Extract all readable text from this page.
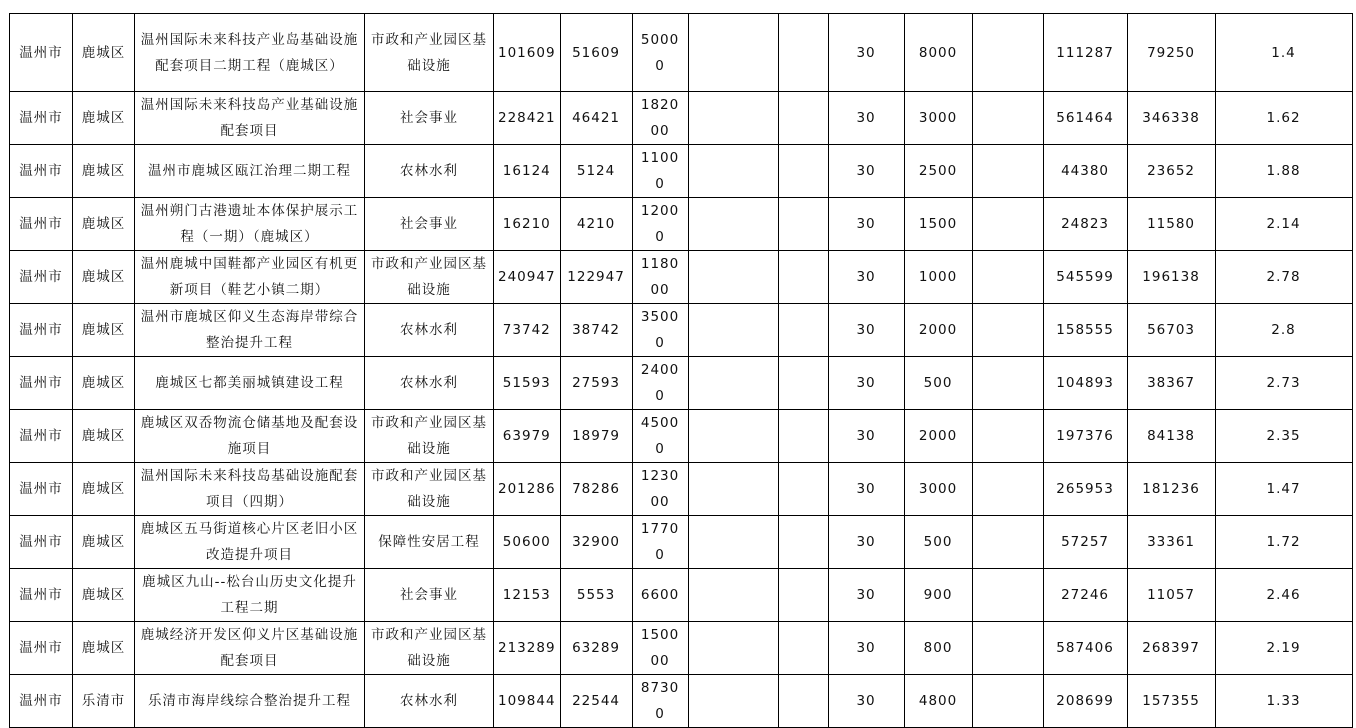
温州市	鹿城区	温州国际未来科技产业岛基础设施配套项目二期工程（鹿城区）	市政和产业园区基础设施	101609	51609	50000			30	8000		111287	79250	1.4
温州市	鹿城区	温州国际未来科技岛产业基础设施配套项目	社会事业	228421	46421	182000			30	3000		561464	346338	1.62
温州市	鹿城区	温州市鹿城区瓯江治理二期工程	农林水利	16124	5124	11000			30	2500		44380	23652	1.88
温州市	鹿城区	温州朔门古港遗址本体保护展示工程（一期）（鹿城区）	社会事业	16210	4210	12000			30	1500		24823	11580	2.14
温州市	鹿城区	温州鹿城中国鞋都产业园区有机更新项目（鞋艺小镇二期）	市政和产业园区基础设施	240947	122947	118000			30	1000		545599	196138	2.78
温州市	鹿城区	温州市鹿城区仰义生态海岸带综合整治提升工程	农林水利	73742	38742	35000			30	2000		158555	56703	2.8
温州市	鹿城区	鹿城区七都美丽城镇建设工程	农林水利	51593	27593	24000			30	500		104893	38367	2.73
温州市	鹿城区	鹿城区双岙物流仓储基地及配套设施项目	市政和产业园区基础设施	63979	18979	45000			30	2000		197376	84138	2.35
温州市	鹿城区	温州国际未来科技岛基础设施配套项目（四期）	市政和产业园区基础设施	201286	78286	123000			30	3000		265953	181236	1.47
温州市	鹿城区	鹿城区五马街道核心片区老旧小区改造提升项目	保障性安居工程	50600	32900	17700			30	500		57257	33361	1.72
温州市	鹿城区	鹿城区九山--松台山历史文化提升工程二期	社会事业	12153	5553	6600			30	900		27246	11057	2.46
温州市	鹿城区	鹿城经济开发区仰义片区基础设施配套项目	市政和产业园区基础设施	213289	63289	150000			30	800		587406	268397	2.19
温州市	乐清市	乐清市海岸线综合整治提升工程	农林水利	109844	22544	87300			30	4800		208699	157355	1.33
